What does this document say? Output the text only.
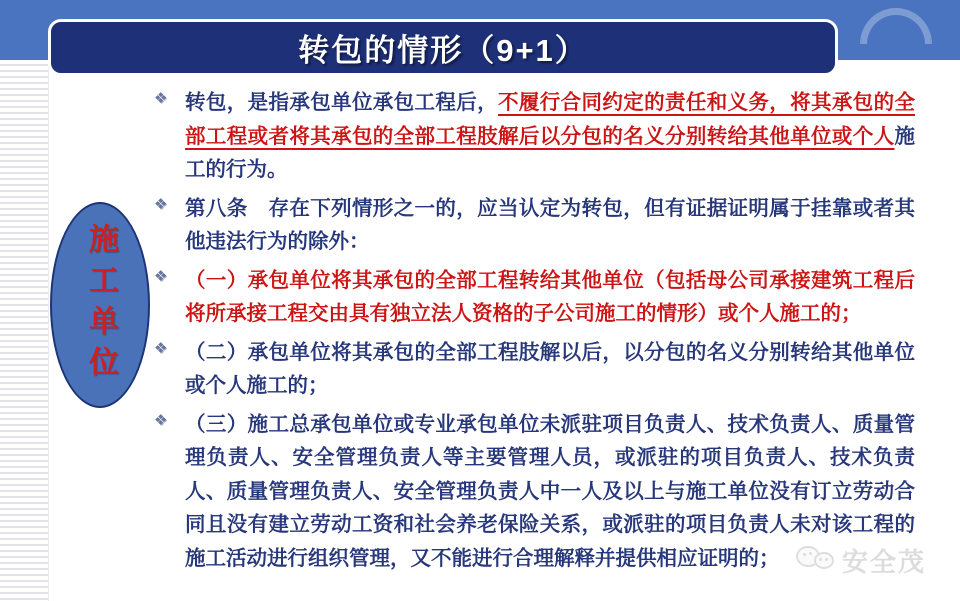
转包的情形（9+1）
施工单位

❖ 转包，是指承包单位承包工程后，不履行合同约定的责任和义务，将其承包的全部工程或者将其承包的全部工程肢解后以分包的名义分别转给其他单位或个人施工的行为。

❖ 第八条　存在下列情形之一的，应当认定为转包，但有证据证明属于挂靠或者其他违法行为的除外：

❖ （一）承包单位将其承包的全部工程转给其他单位（包括母公司承接建筑工程后将所承接工程交由具有独立法人资格的子公司施工的情形）或个人施工的；

❖ （二）承包单位将其承包的全部工程肢解以后，以分包的名义分别转给其他单位或个人施工的；

❖ （三）施工总承包单位或专业承包单位未派驻项目负责人、技术负责人、质量管理负责人、安全管理负责人等主要管理人员，或派驻的项目负责人、技术负责人、质量管理负责人、安全管理负责人中一人及以上与施工单位没有订立劳动合同且没有建立劳动工资和社会养老保险关系，或派驻的项目负责人未对该工程的施工活动进行组织管理，又不能进行合理解释并提供相应证明的；	安全茂
